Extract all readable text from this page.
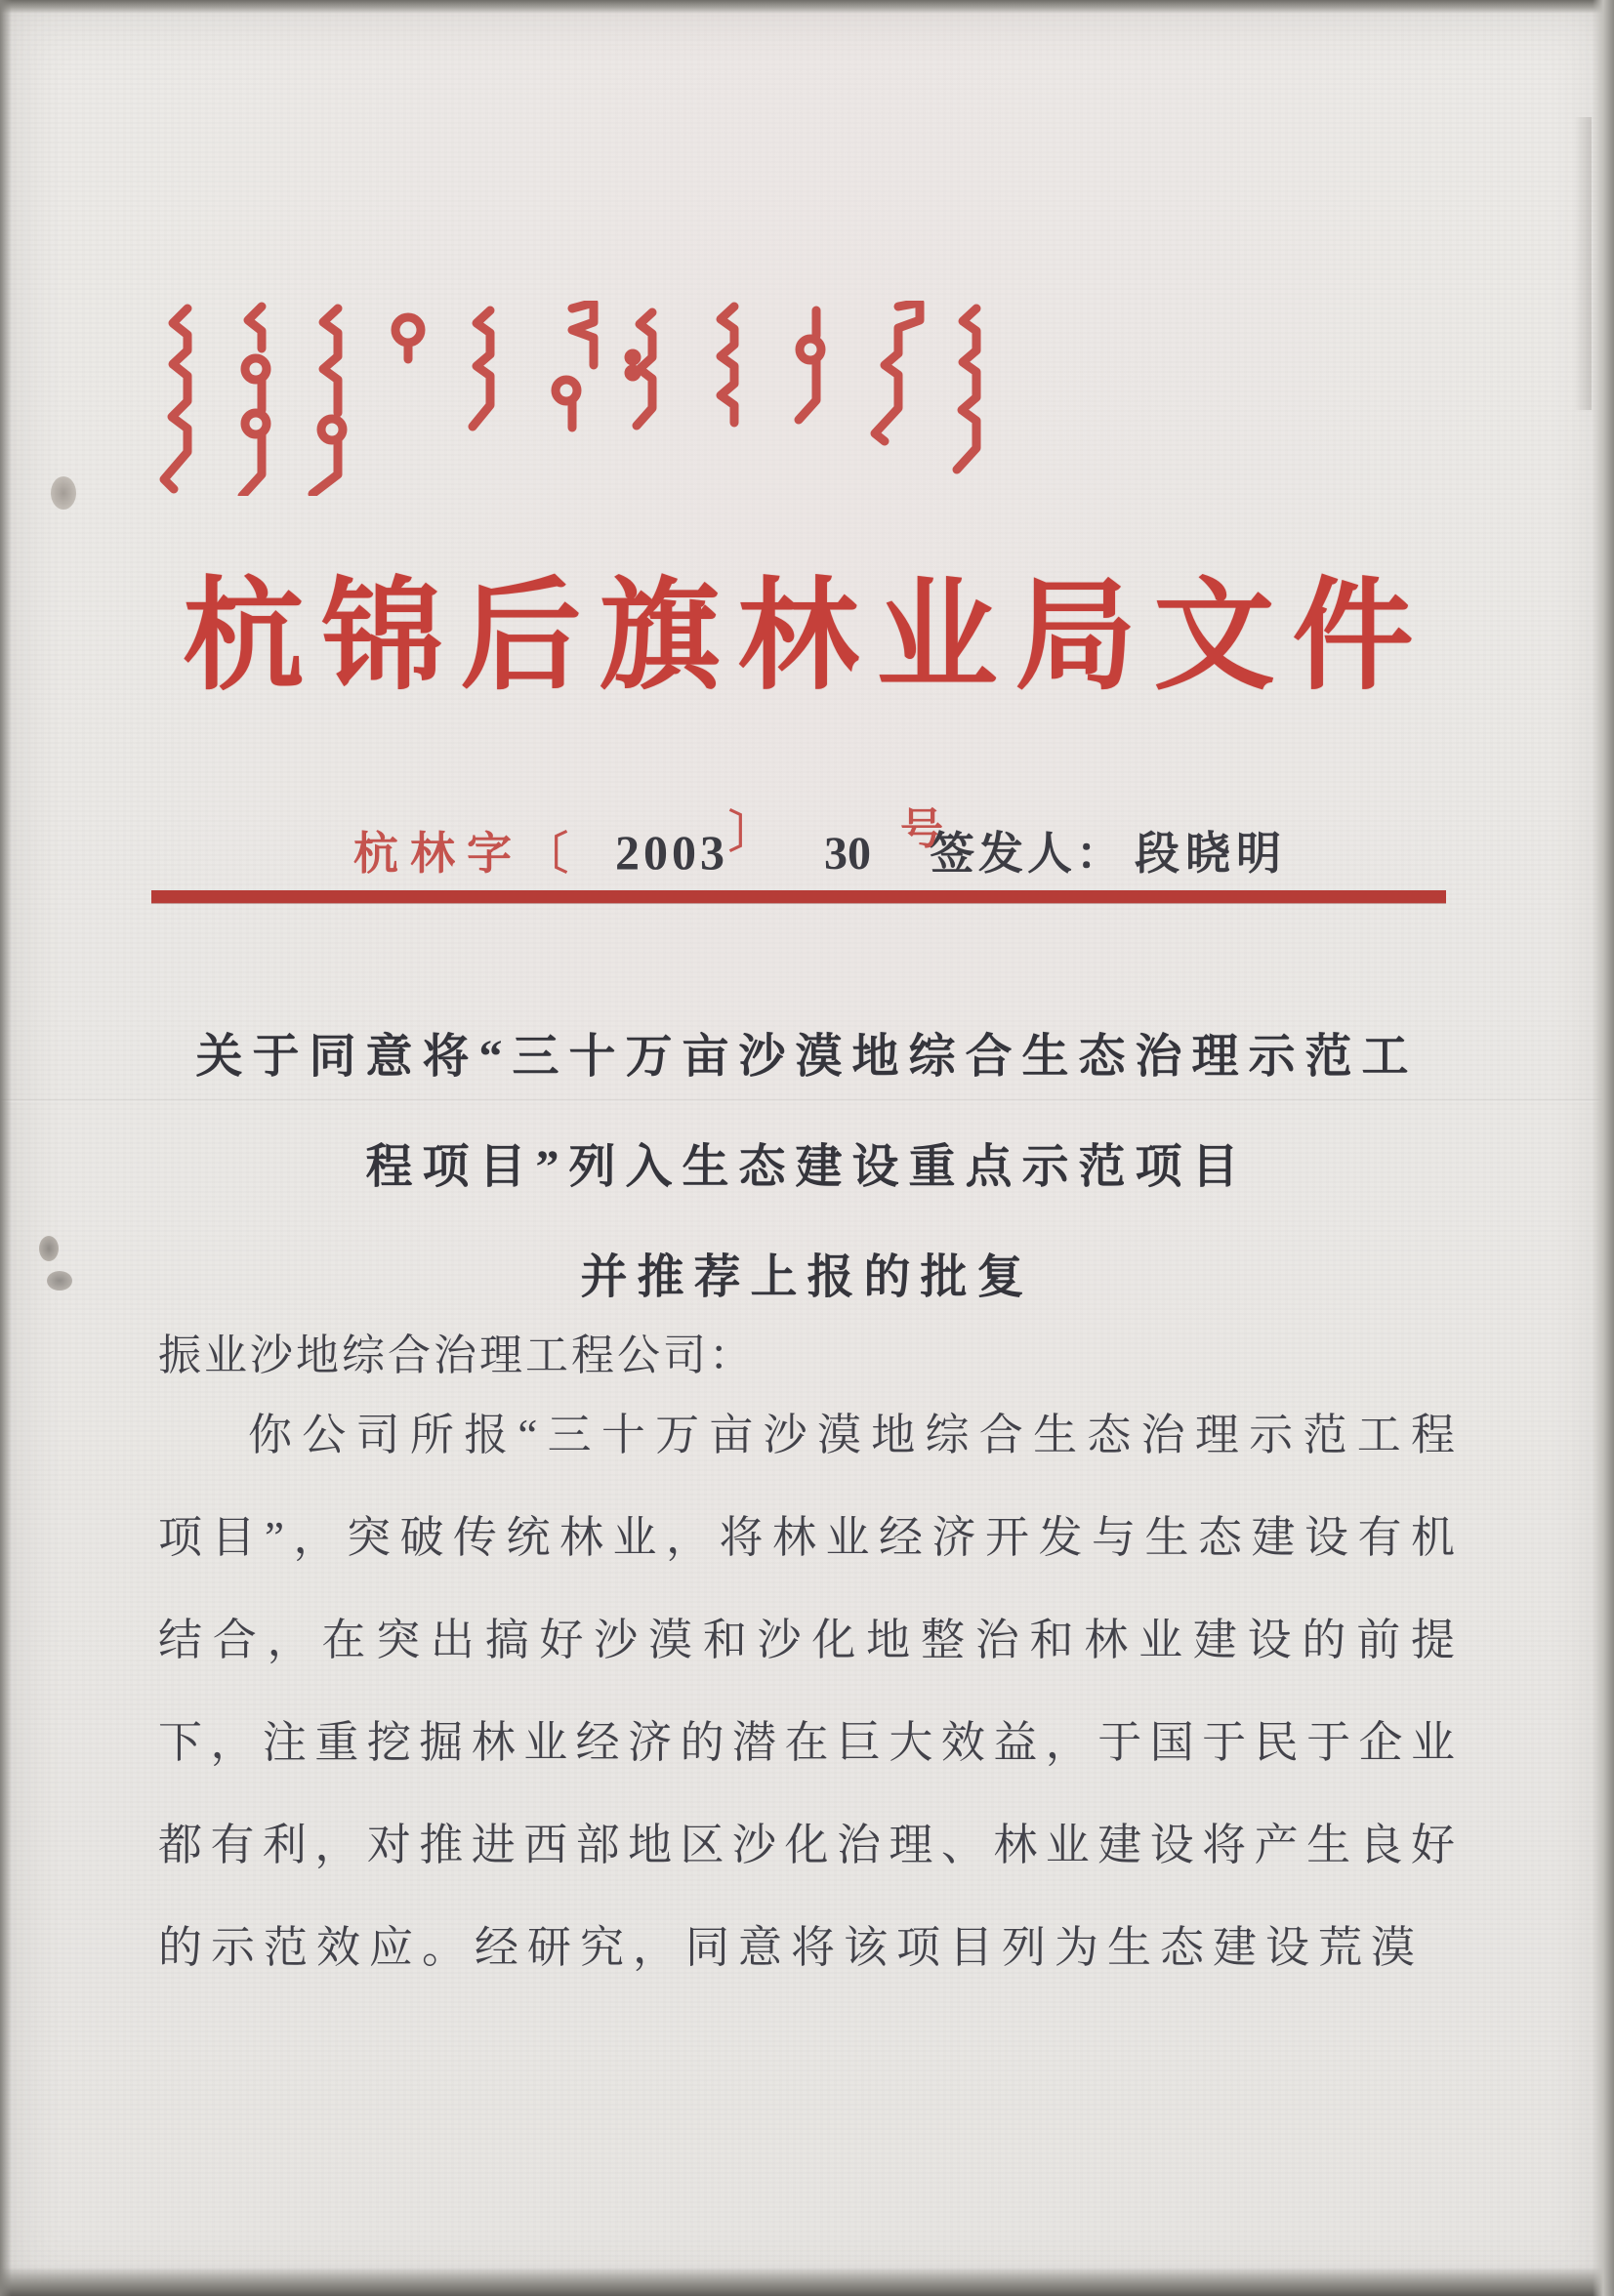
杭锦后旗林业局文件
杭林字〔 2003 〕 30 号
签发人： 段晓明
关于同意将“三十万亩沙漠地综合生态治理示范工
程项目”列入生态建设重点示范项目
并推荐上报的批复
振业沙地综合治理工程公司：
你公司所报“三十万亩沙漠地综合生态治理示范工程
项目”，突破传统林业，将林业经济开发与生态建设有机
结合，在突出搞好沙漠和沙化地整治和林业建设的前提
下，注重挖掘林业经济的潜在巨大效益，于国于民于企业
都有利，对推进西部地区沙化治理、林业建设将产生良好
的示范效应。经研究，同意将该项目列为生态建设荒漠
